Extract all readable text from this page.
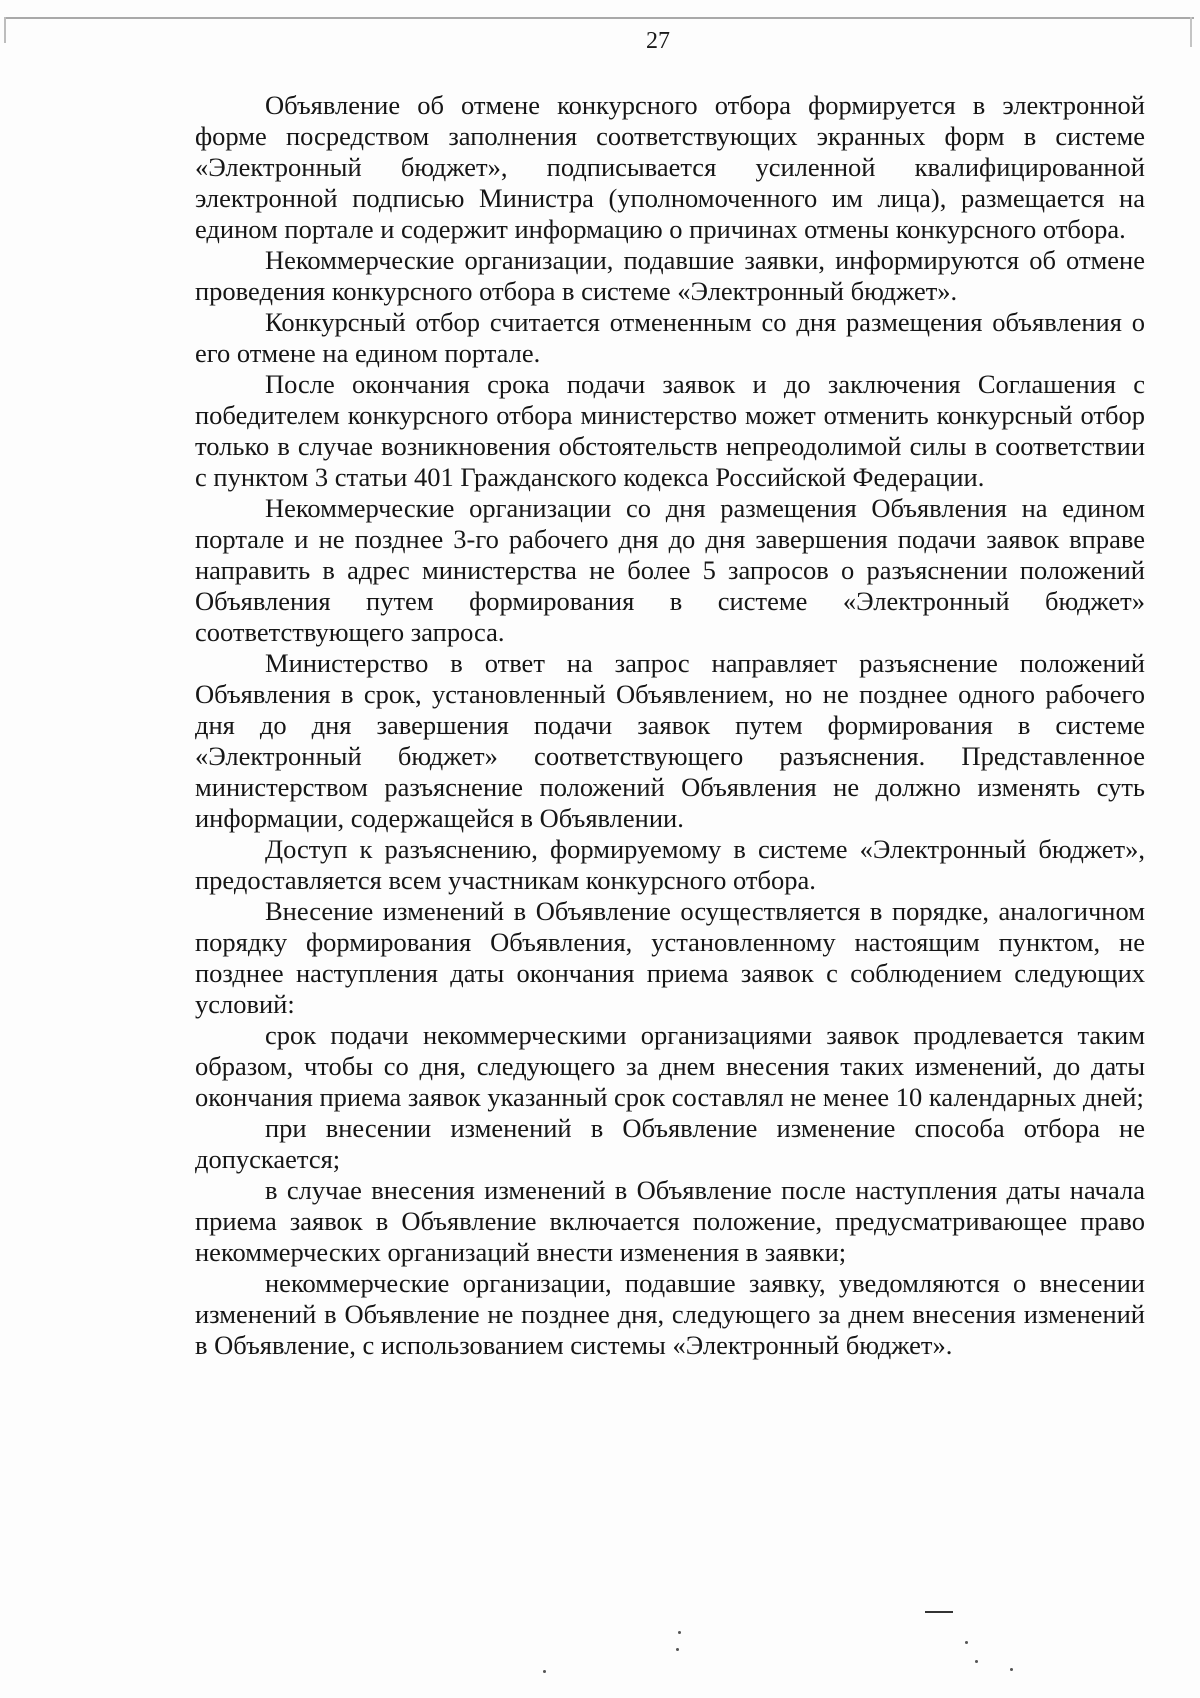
27

Объявление об отмене конкурсного отбора формируется в электронной форме посредством заполнения соответствующих экранных форм в системе «Электронный бюджет», подписывается усиленной квалифицированной электронной подписью Министра (уполномоченного им лица), размещается на едином портале и содержит информацию о причинах отмены конкурсного отбора.

Некоммерческие организации, подавшие заявки, информируются об отмене проведения конкурсного отбора в системе «Электронный бюджет».

Конкурсный отбор считается отмененным со дня размещения объявления о его отмене на едином портале.

После окончания срока подачи заявок и до заключения Соглашения с победителем конкурсного отбора министерство может отменить конкурсный отбор только в случае возникновения обстоятельств непреодолимой силы в соответствии с пунктом 3 статьи 401 Гражданского кодекса Российской Федерации.

Некоммерческие организации со дня размещения Объявления на едином портале и не позднее 3-го рабочего дня до дня завершения подачи заявок вправе направить в адрес министерства не более 5 запросов о разъяснении положений Объявления путем формирования в системе «Электронный бюджет» соответствующего запроса.

Министерство в ответ на запрос направляет разъяснение положений Объявления в срок, установленный Объявлением, но не позднее одного рабочего дня до дня завершения подачи заявок путем формирования в системе «Электронный бюджет» соответствующего разъяснения. Представленное министерством разъяснение положений Объявления не должно изменять суть информации, содержащейся в Объявлении.

Доступ к разъяснению, формируемому в системе «Электронный бюджет», предоставляется всем участникам конкурсного отбора.

Внесение изменений в Объявление осуществляется в порядке, аналогичном порядку формирования Объявления, установленному настоящим пунктом, не позднее наступления даты окончания приема заявок с соблюдением следующих условий:

срок подачи некоммерческими организациями заявок продлевается таким образом, чтобы со дня, следующего за днем внесения таких изменений, до даты окончания приема заявок указанный срок составлял не менее 10 календарных дней;

при внесении изменений в Объявление изменение способа отбора не допускается;

в случае внесения изменений в Объявление после наступления даты начала приема заявок в Объявление включается положение, предусматривающее право некоммерческих организаций внести изменения в заявки;

некоммерческие организации, подавшие заявку, уведомляются о внесении изменений в Объявление не позднее дня, следующего за днем внесения изменений в Объявление, с использованием системы «Электронный бюджет».
